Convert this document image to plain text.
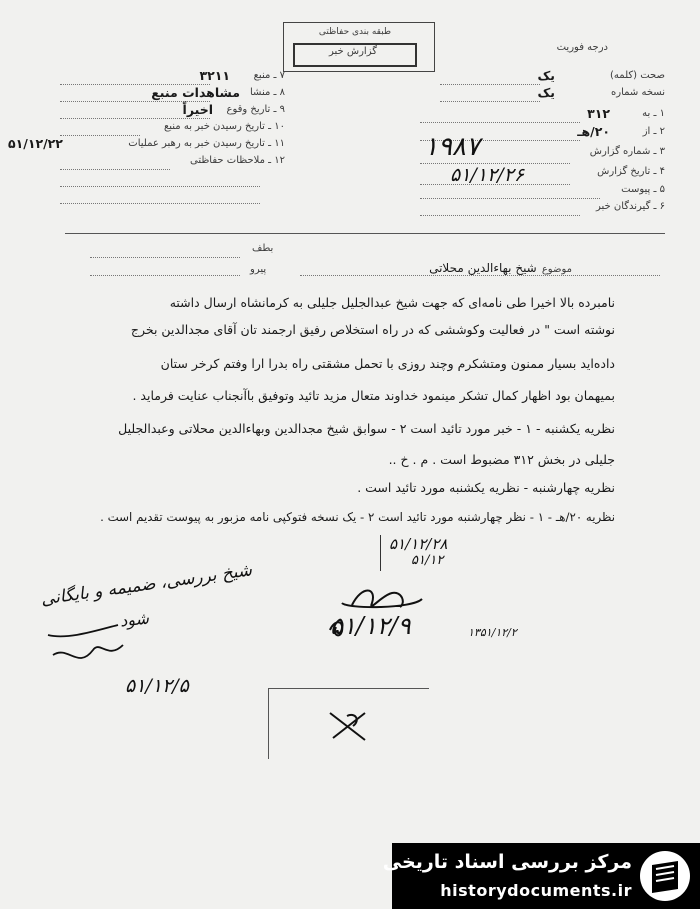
درجه فوریت
طبقه بندی حفاظتی
گزارش خبر
۷ ـ منبع
۳۲۱۱
۸ ـ منشا
مشاهدات منبع
۹ ـ تاریخ وقوع
اخیراً
۱۰ ـ تاریخ رسیدن خبر به منبع
۱۱ ـ تاریخ رسیدن خبر به رهبر عملیات
۵۱/۱۲/۲۲
۱۲ ـ ملاحظات حفاظتی
صحت (کلمه)
یک
نسخه شماره
یک
۱ ـ به
۳۱۲
۲ ـ از
۲۰/هـ
۳ ـ شماره گزارش
۱۹۸۷
۴ ـ تاریخ گزارش
۵۱/۱۲/۲۶
۵ ـ پیوست
۶ ـ گیرندگان خبر
بطف
پیرو	موضوع شیخ بهاءالدین محلاتی
نامبرده بالا اخیرا طی نامه‌ای که جهت شیخ عبدالجلیل جلیلی به کرمانشاه ارسال داشته
نوشته است " در فعالیت وکوششی که در راه استخلاص رفیق ارجمند تان آقای مجدالدین بخرج
داده‌اید بسیار ممنون ومتشکرم وچند روزی با تحمل مشقتی راه بدرا ارا وفتم کرخر ستان
بمیهمان بود اظهار کمال تشکر مینمود خداوند متعال مزید تائید وتوفیق باآنجناب عنایت فرماید .
نظریه یکشنبه - ۱ - خبر مورد تائید است ۲ - سوابق شیخ مجدالدین وبهاءالدین محلاتی وعبدالجلیل
جلیلی در بخش ۳۱۲ مضبوط است . م . خ ..
نظریه چهارشنبه - نظریه یکشنبه مورد تائید است .
نظریه ۲۰/هـ - ۱ - نظر چهارشنبه مورد تائید است ۲ - یک نسخه فتوکپی نامه مزبور به پیوست تقدیم است .
۵۱/۱۲/۲۸
۵۱/۱۲
۵۱/۱۲/۹	۱۳۵۱/۱۲/۲
شیخ بررسی، ضمیمه و بایگانی
شود
۵۱/۱۲/۵
مرکز بررسی اسناد تاریخی
historydocuments.ir
